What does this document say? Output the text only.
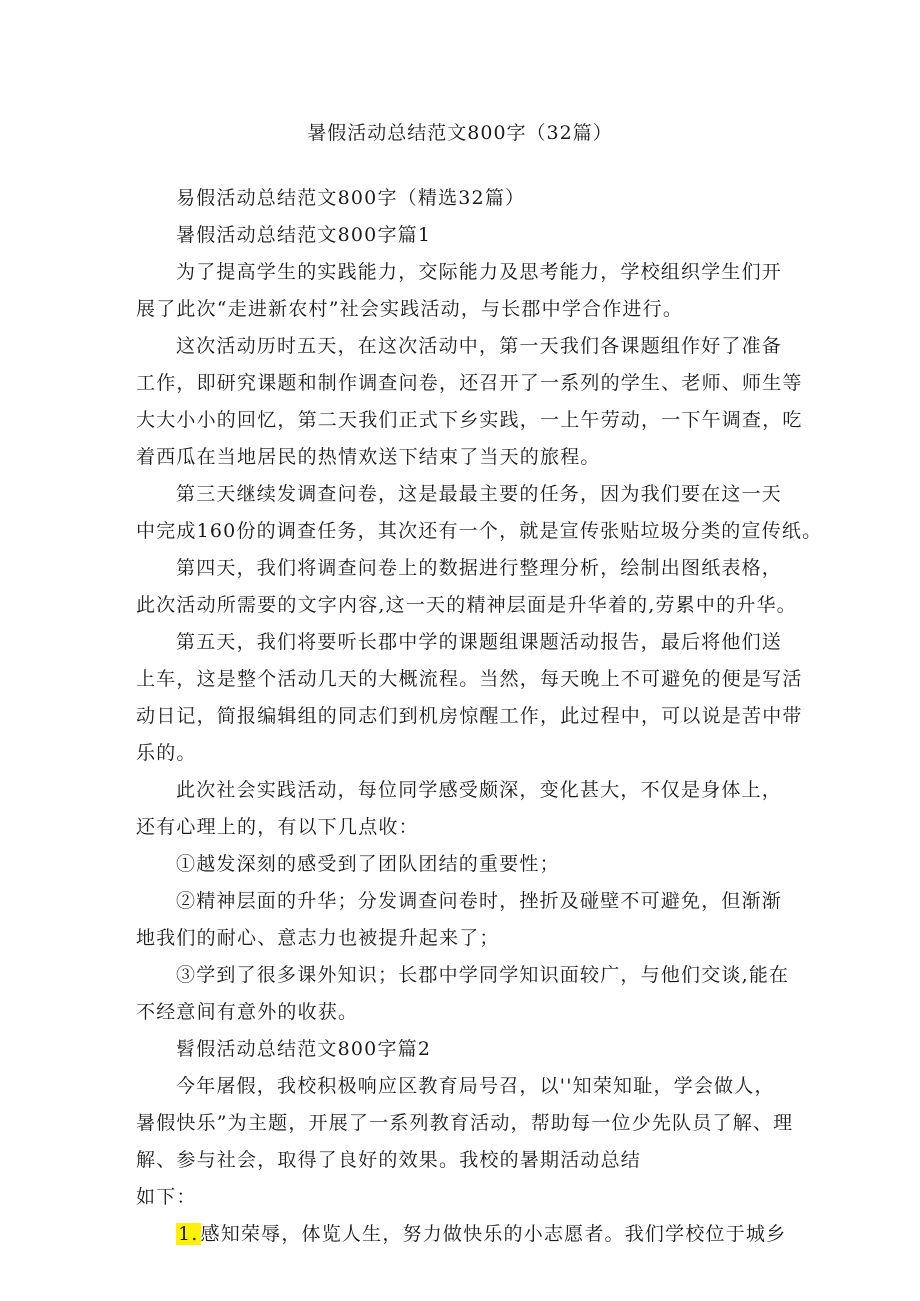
暑假活动总结范文800字（32篇）

易假活动总结范文800字（精选32篇）

暑假活动总结范文800字篇1

为了提高学生的实践能力，交际能力及思考能力，学校组织学生们开
展了此次“走进新农村”社会实践活动，与长郡中学合作进行。

这次活动历时五天，在这次活动中，第一天我们各课题组作好了准备
工作，即研究课题和制作调查问卷，还召开了一系列的学生、老师、师生等
大大小小的回忆，第二天我们正式下乡实践，一上午劳动，一下午调查，吃
着西瓜在当地居民的热情欢送下结束了当天的旅程。

第三天继续发调查问卷，这是最最主要的任务，因为我们要在这一天
中完成160份的调查任务，其次还有一个，就是宣传张贴垃圾分类的宣传纸。

第四天，我们将调查问卷上的数据进行整理分析，绘制出图纸表格，
此次活动所需要的文字内容,这一天的精神层面是升华着的,劳累中的升华。

第五天，我们将要听长郡中学的课题组课题活动报告，最后将他们送
上车，这是整个活动几天的大概流程。当然，每天晚上不可避免的便是写活
动日记，简报编辑组的同志们到机房惊醒工作，此过程中，可以说是苦中带
乐的。

此次社会实践活动，每位同学感受颇深，变化甚大，不仅是身体上，
还有心理上的，有以下几点收：

①越发深刻的感受到了团队团结的重要性；

②精神层面的升华；分发调查问卷时，挫折及碰壁不可避免，但渐渐
地我们的耐心、意志力也被提升起来了；

③学到了很多课外知识；长郡中学同学知识面较广，与他们交谈,能在
不经意间有意外的收获。

髫假活动总结范文800字篇2

今年屠假，我校积极响应区教育局号召，以''知荣知耻，学会做人，
暑假快乐”为主题，开展了一系列教育活动，帮助每一位少先队员了解、理
解、参与社会，取得了良好的效果。我校的暑期活动总结
如下：

1. 感知荣辱，体览人生，努力做快乐的小志愿者。我们学校位于城乡
